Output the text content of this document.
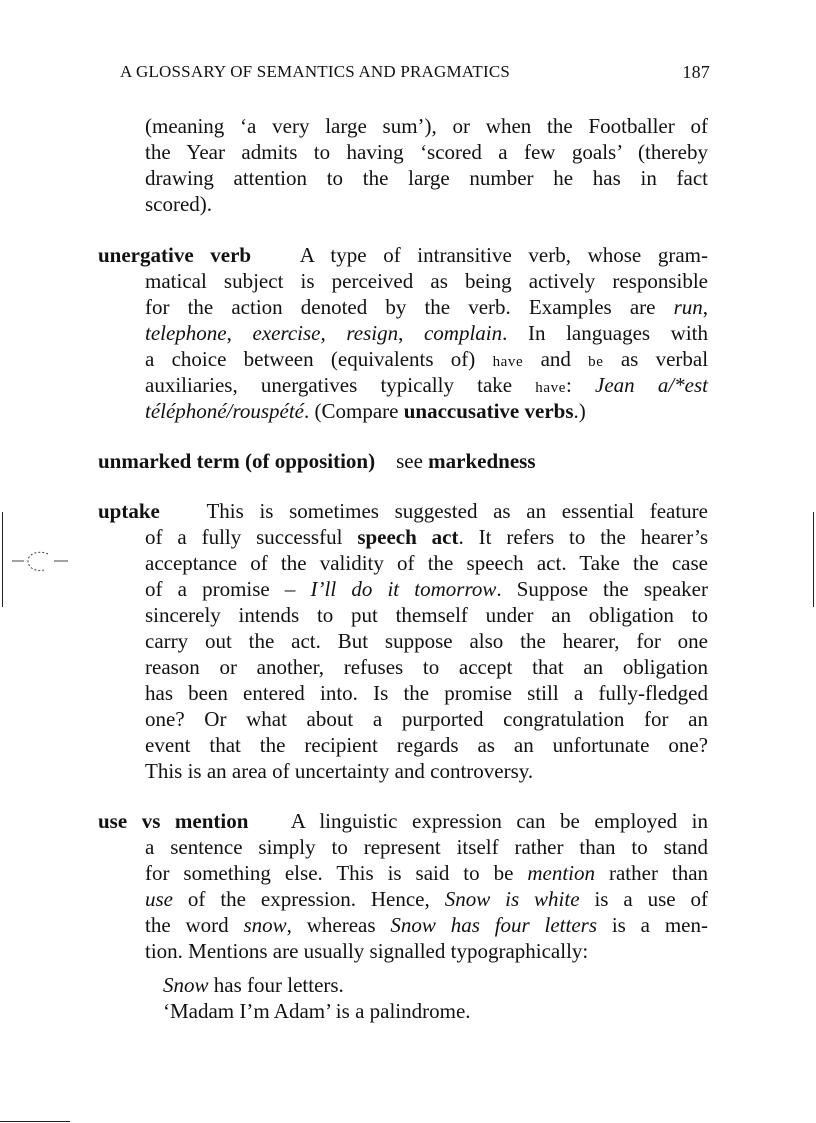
A GLOSSARY OF SEMANTICS AND PRAGMATICS	187
(meaning ‘a very large sum’), or when the Footballer of
the Year admits to having ‘scored a few goals’ (thereby
drawing attention to the large number he has in fact
scored).
unergative verb A type of intransitive verb, whose gram-
matical subject is perceived as being actively responsible
for the action denoted by the verb. Examples are run,
telephone, exercise, resign, complain. In languages with
a choice between (equivalents of) have and be as verbal
auxiliaries, unergatives typically take have: Jean a/*est
téléphoné/rouspété. (Compare unaccusative verbs.)
unmarked term (of opposition) see markedness
uptake This is sometimes suggested as an essential feature
of a fully successful speech act. It refers to the hearer’s
acceptance of the validity of the speech act. Take the case
of a promise – I’ll do it tomorrow. Suppose the speaker
sincerely intends to put themself under an obligation to
carry out the act. But suppose also the hearer, for one
reason or another, refuses to accept that an obligation
has been entered into. Is the promise still a fully-fledged
one? Or what about a purported congratulation for an
event that the recipient regards as an unfortunate one?
This is an area of uncertainty and controversy.
use vs mention A linguistic expression can be employed in
a sentence simply to represent itself rather than to stand
for something else. This is said to be mention rather than
use of the expression. Hence, Snow is white is a use of
the word snow, whereas Snow has four letters is a men-
tion. Mentions are usually signalled typographically:
Snow has four letters.
‘Madam I’m Adam’ is a palindrome.
